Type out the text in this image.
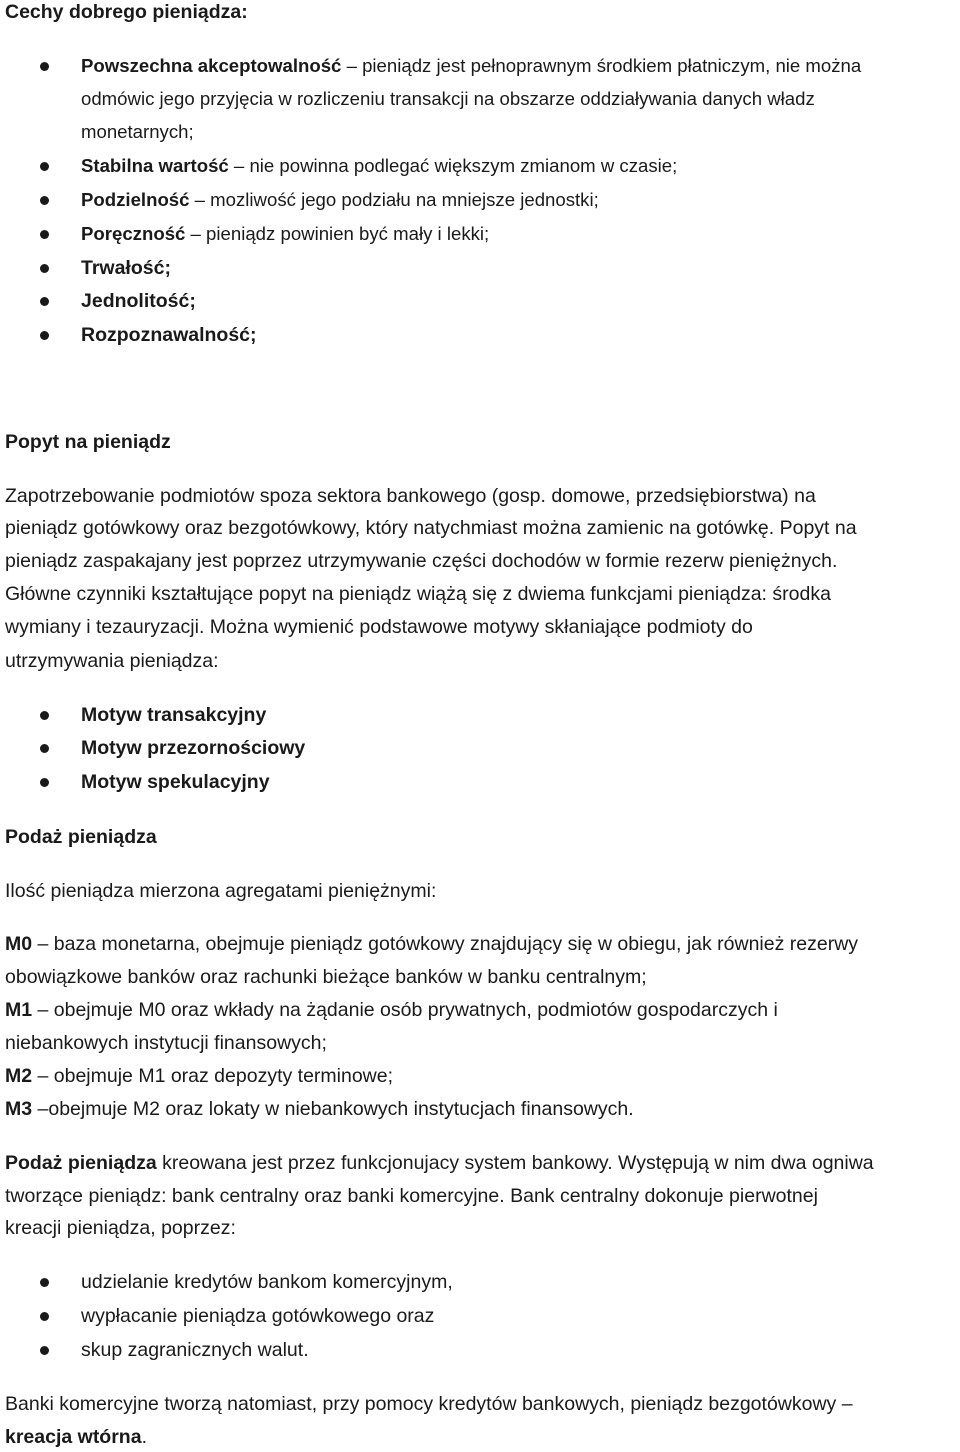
Cechy dobrego pieniądza:
Powszechna akceptowalność – pieniądz jest pełnoprawnym środkiem płatniczym, nie można
odmówic jego przyjęcia w rozliczeniu transakcji na obszarze oddziaływania danych władz
monetarnych;
Stabilna wartość – nie powinna podlegać większym zmianom w czasie;
Podzielność – mozliwość jego podziału na mniejsze jednostki;
Poręczność – pieniądz powinien być mały i lekki;
Trwałość;
Jednolitość;
Rozpoznawalność;
Popyt na pieniądz
Zapotrzebowanie podmiotów spoza sektora bankowego (gosp. domowe, przedsiębiorstwa) na
pieniądz gotówkowy oraz bezgotówkowy, który natychmiast można zamienic na gotówkę. Popyt na
pieniądz zaspakajany jest poprzez utrzymywanie części dochodów w formie rezerw pieniężnych.
Główne czynniki kształtujące popyt na pieniądz wiążą się z dwiema funkcjami pieniądza: środka
wymiany i tezauryzacji. Można wymienić podstawowe motywy skłaniające podmioty do
utrzymywania pieniądza:
Motyw transakcyjny
Motyw przezornościowy
Motyw spekulacyjny
Podaż pieniądza
Ilość pieniądza mierzona agregatami pieniężnymi:
M0 – baza monetarna, obejmuje pieniądz gotówkowy znajdujący się w obiegu, jak również rezerwy
obowiązkowe banków oraz rachunki bieżące banków w banku centralnym;
M1 – obejmuje M0 oraz wkłady na żądanie osób prywatnych, podmiotów gospodarczych i
niebankowych instytucji finansowych;
M2 – obejmuje M1 oraz depozyty terminowe;
M3 –obejmuje M2 oraz lokaty w niebankowych instytucjach finansowych.
Podaż pieniądza kreowana jest przez funkcjonujacy system bankowy. Występują w nim dwa ogniwa
tworzące pieniądz: bank centralny oraz banki komercyjne. Bank centralny dokonuje pierwotnej
kreacji pieniądza, poprzez:
udzielanie kredytów bankom komercyjnym,
wypłacanie pieniądza gotówkowego oraz
skup zagranicznych walut.
Banki komercyjne tworzą natomiast, przy pomocy kredytów bankowych, pieniądz bezgotówkowy –
kreacja wtórna.
